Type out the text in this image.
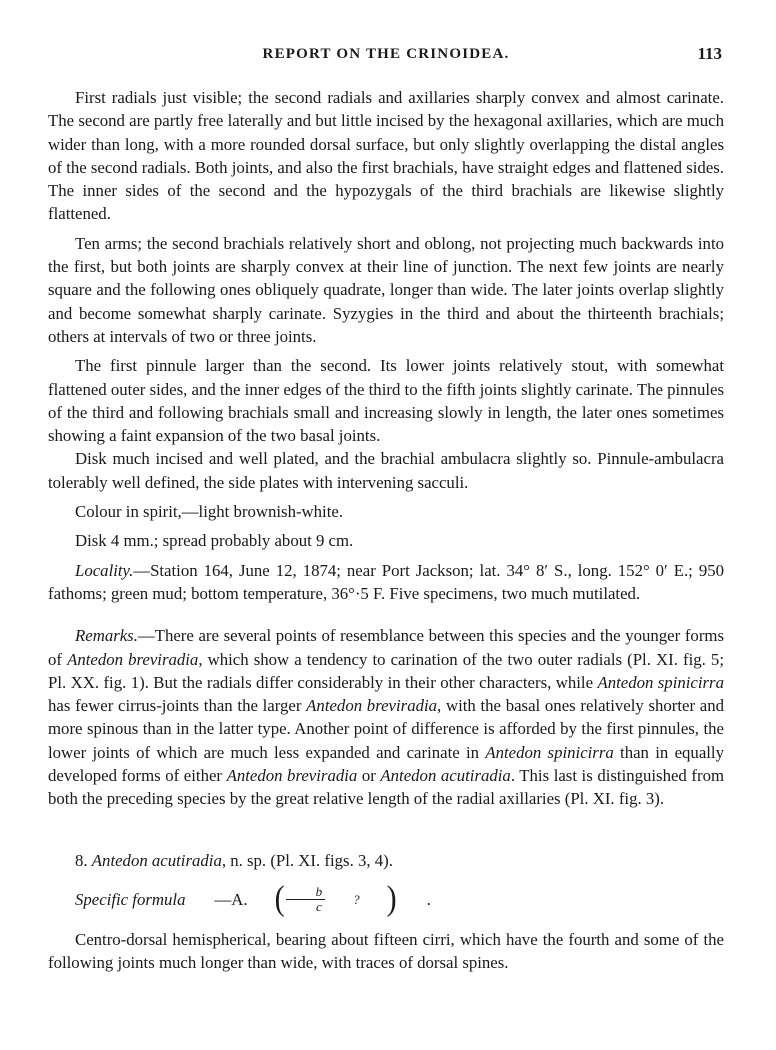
REPORT ON THE CRINOIDEA.	113

First radials just visible; the second radials and axillaries sharply convex and almost carinate. The second are partly free laterally and but little incised by the hexagonal axillaries, which are much wider than long, with a more rounded dorsal surface, but only slightly overlapping the distal angles of the second radials. Both joints, and also the first brachials, have straight edges and flattened sides. The inner sides of the second and the hypozygals of the third brachials are likewise slightly flattened.

Ten arms; the second brachials relatively short and oblong, not projecting much backwards into the first, but both joints are sharply convex at their line of junction. The next few joints are nearly square and the following ones obliquely quadrate, longer than wide. The later joints overlap slightly and become somewhat sharply carinate. Syzygies in the third and about the thirteenth brachials; others at intervals of two or three joints.

The first pinnule larger than the second. Its lower joints relatively stout, with somewhat flattened outer sides, and the inner edges of the third to the fifth joints slightly carinate. The pinnules of the third and following brachials small and increasing slowly in length, the later ones sometimes showing a faint expansion of the two basal joints.

Disk much incised and well plated, and the brachial ambulacra slightly so. Pinnule-ambulacra tolerably well defined, the side plates with intervening sacculi.

Colour in spirit,—light brownish-white.

Disk 4 mm.; spread probably about 9 cm.

Locality.—Station 164, June 12, 1874; near Port Jackson; lat. 34° 8′ S., long. 152° 0′ E.; 950 fathoms; green mud; bottom temperature, 36°·5 F. Five specimens, two much mutilated.

Remarks.—There are several points of resemblance between this species and the younger forms of Antedon breviradia, which show a tendency to carination of the two outer radials (Pl. XI. fig. 5; Pl. XX. fig. 1). But the radials differ considerably in their other characters, while Antedon spinicirra has fewer cirrus-joints than the larger Antedon breviradia, with the basal ones relatively shorter and more spinous than in the latter type. Another point of difference is afforded by the first pinnules, the lower joints of which are much less expanded and carinate in Antedon spinicirra than in equally developed forms of either Antedon breviradia or Antedon acutiradia. This last is distinguished from both the preceding species by the great relative length of the radial axillaries (Pl. XI. fig. 3).

8. Antedon acutiradia, n. sp. (Pl. XI. figs. 3, 4).

Specific formula	—A. ( $\frac{b}{c}$	? )	.

Centro-dorsal hemispherical, bearing about fifteen cirri, which have the fourth and some of the following joints much longer than wide, with traces of dorsal spines.
